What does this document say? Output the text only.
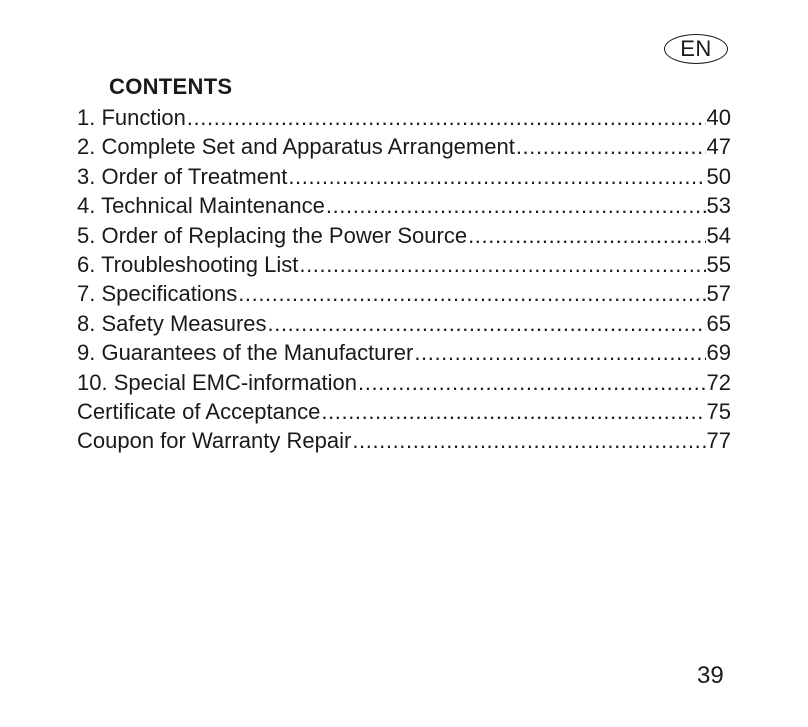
EN
CONTENTS
1. Function .....	40
2. Complete Set and Apparatus Arrangement .....	47
3. Order of Treatment .....	50
4. Technical Maintenance .....	53
5. Order of Replacing the Power Source .....	54
6. Troubleshooting List .....	55
7. Specifications .....	57
8. Safety Measures .....	65
9. Guarantees of the Manufacturer .....	69
10. Special EMC-information .....	72
Certificate of Acceptance .....	75
Coupon for Warranty Repair .....	77
39
